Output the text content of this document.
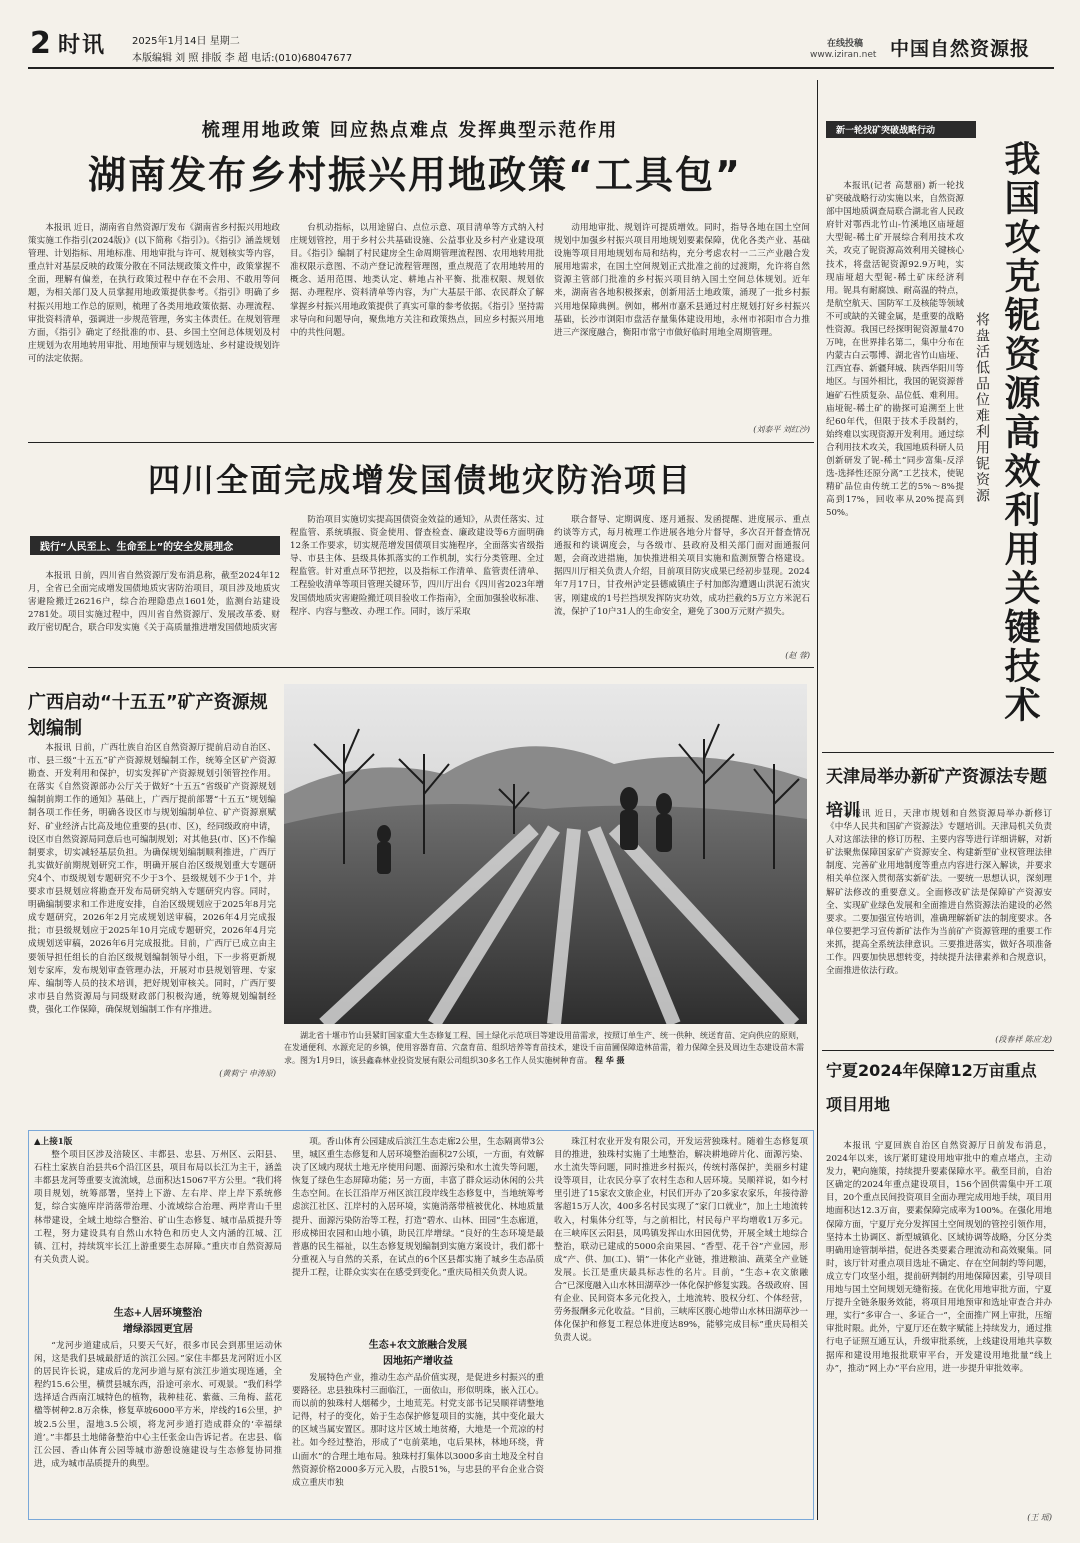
2 时讯	2025年1月14日 星期二
本版编辑 刘 照 排版 李 超 电话:(010)68047677
在线投稿
www.iziran.net 中国自然资源报
梳理用地政策 回应热点难点 发挥典型示范作用
湖南发布乡村振兴用地政策“工具包”

本报讯 近日，湖南省自然资源厅发布《湖南省乡村振兴用地政策实施工作指引(2024版)》(以下简称《指引》)。《指引》涵盖规划管理、计划指标、用地标准、用地审批与许可、规划核实等内容，重点针对基层反映的政策分散在不同法规政策文件中，政策掌握不全面，理解有偏差，在执行政策过程中存在不会用、不敢用等问题，为相关部门及人员掌握用地政策提供参考。《指引》明确了乡村振兴用地工作总的原则，梳理了各类用地政策依据、办理流程、审批资料清单，强调进一步规范管理，务实主体责任。在规划管理方面，《指引》确定了经批准的市、县、乡国土空间总体规划及村庄规划为农用地转用审批、用地预审与规划选址、乡村建设规划许可的法定依据。

台机动指标，以用途留白、点位示意、项目清单等方式纳入村庄规划管控，用于乡村公共基础设施、公益事业及乡村产业建设项目。《指引》编制了村民建房全生命周期管理流程图、农用地转用批准权限示意图、不动产登记流程管理图，重点规范了农用地转用的概念、适用范围、地类认定、耕地占补平衡、批准权限、规划依据、办理程序、资料清单等内容，为广大基层干部、农民群众了解掌握乡村振兴用地政策提供了真实可靠的参考依据。《指引》坚持需求导向和问题导向，聚焦地方关注和政策热点，回应乡村振兴用地中的共性问题。

动用地审批、规划许可提质增效。同时，指导各地在国土空间规划中加强乡村振兴项目用地规划要素保障，优化各类产业、基础设施等项目用地规划布局和结构，充分考虑农村一二三产业融合发展用地需求，在国土空间规划正式批准之前的过渡期，允许将自然资源主管部门批准的乡村振兴项目纳入国土空间总体规划。近年来，湖南省各地积极探索，创新用活土地政策，涌现了一批乡村振兴用地保障典例。例如，郴州市嘉禾县通过村庄规划打好乡村振兴基础，长沙市浏阳市盘活存量集体建设用地，永州市祁阳市合力推进三产深度融合，衡阳市常宁市做好临时用地全周期管理。

(刘泰平 刘红沙)
四川全面完成增发国债地灾防治项目
践行“人民至上、生命至上”的安全发展理念

本报讯 日前，四川省自然资源厅发布消息称，截至2024年12月，全省已全面完成增发国债地质灾害防治项目，项目涉及地质灾害避险搬迁26216户，综合治理隐患点1601处，监测台站建设2781处。项目实施过程中，四川省自然资源厅、发展改革委、财政厅密切配合，联合印发实施《关于高质量推进增发国债地质灾害

防治项目实施切实提高国债资金效益的通知》，从责任落实、过程监管、系统填报、资金使用、督查检查、廉政建设等6方面明确12条工作要求，切实规范增发国债项目实施程序，全面落实省级指导、市县主体、县级具体抓落实的工作机制，实行分类管理、全过程监管。针对重点环节把控，以及指标工作清单、监管责任清单、工程验收清单等项目管理关键环节，四川厅出台《四川省2023年增发国债地质灾害避险搬迁项目验收工作指南》，全面加强验收标准、程序、内容与整改、办理工作。同时，该厅采取

联合督导、定期调度、逐月通报、发函提醒、进度展示、重点约谈等方式，每月梳理工作进展各地分片督导，多次召开督查情况通报和约谈调度会，与各级市、县政府及相关部门面对面通报问题，会商改进措施，加快推进相关项目实施和监测预警合格建设。据四川厅相关负责人介绍，目前项目防灾成果已经初步显现。2024年7月17日，甘孜州泸定县德威镇庄子村加郎沟遭遇山洪泥石流灾害，刚建成的1号拦挡坝发挥防灾功效，成功拦截约5万立方米泥石流，保护了10户31人的生命安全，避免了300万元财产损失。

(赵 蓉)
广西启动“十五五”矿产资源规划编制

本报讯 日前，广西壮族自治区自然资源厅提前启动自治区、市、县三级“十五五”矿产资源规划编制工作，统筹全区矿产资源勘查、开发利用和保护，切实发挥矿产资源规划引领管控作用。在落实《自然资源部办公厅关于做好“十五五”省级矿产资源规划编制前期工作的通知》基础上，广西厅提前部署“十五五”规划编制各项工作任务，明确各设区市与规划编制单位、矿产资源禀赋好、矿业经济占比高及地位重要的县(市、区)，经同级政府申请，设区市自然资源局同意后也可编制规划；对其他县(市、区)不作编制要求，切实减轻基层负担。为确保规划编制顺利推进，广西厅扎实做好前期规划研究工作，明确开展自治区级规划重大专题研究4个、市级规划专题研究不少于3个、县级规划不少于1个，并要求市县规划应将勘查开发布局研究纳入专题研究内容。同时，明确编制要求和工作进度安排，自治区级规划应于2025年8月完成专题研究，2026年2月完成规划送审稿，2026年4月完成报批；市县级规划应于2025年10月完成专题研究，2026年4月完成规划送审稿，2026年6月完成报批。目前，广西厅已成立由主要领导担任组长的自治区级规划编制领导小组，下一步将更新规划专家库，发布规划审查管理办法，开展对市县规划管理、专家库、编制等人员的技术培训，把好规划审核关。同时，广西厅要求市县自然资源局与同级财政部门积极沟通，统筹规划编制经费，强化工作保障，确保规划编制工作有序推进。

(黄莉宁 申涛原)
湖北省十堰市竹山县紧盯国家重大生态修复工程、国土绿化示范项目等建设用苗需求，按照订单生产、统一供种、统送育苗、定向供应的原则，在发通便利、水源充足的乡镇，使用容器育苗、穴盘育苗、组织培养等育苗技术，建设千亩苗圃保障造林苗需，着力保障全县及周边生态建设苗木需求。图为1月9日，该县鑫森林业投资发展有限公司组织30多名工作人员实施树种育苗。 程 华 摄
▲上接1版

整个项目区涉及涪陵区、丰都县、忠县、万州区、云阳县、石柱土家族自治县共6个沿江区县，项目布局以长江为主干，涵盖丰都县龙河等重要支流流域，总面积达15067平方公里。“我们将项目规划，统筹部署，坚持上下游、左右岸、岸上岸下系统修复，综合实施库岸消落带治理、小流域综合治理、两岸青山千里林带建设，全域土地综合整治、矿山生态修复、城市品质提升等工程，努力建设具有自然山水特色和历史人文内涵的江城、江镇、江村，持续筑牢长江上游重要生态屏障。”重庆市自然资源局有关负责人说。

生态+人居环境整治
增绿添园更宜居

“龙河步道建成后，只要天气好，很多市民会到那里运动休闲，这是我们县城最舒适的滨江公园。”家住丰都县龙河附近小区的居民许长说，建成后的龙河步道与原有滨江步道实现连通，全程约15.6公里，横贯县城东西，沿途可亲水、可观景。“我们科学选择适合西南江城特色的植物，栽种桂花、紫薇、三角梅、蓝花楹等树种2.8万余株，修复草坡6000平方米，岸线约16公里，护坡2.5公里，湿地3.5公顷，将龙河步道打造成群众的‘幸福绿道’。”丰都县土地储备整治中心主任张金山告诉记者。在忠县、临江公园、香山体育公园等城市游憩设施建设与生态修复协同推进，成为城市品质提升的典型。

项。香山体育公园建成后滨江生态走廊2公里，生态隔离带3公里，城区重生态修复和人居环境整治面积27公顷，一方面，有效解决了区域内现状土地无序使用问题、面源污染和水土流失等问题，恢复了绿色生态屏障功能；另一方面，丰富了群众运动休闲的公共生态空间。在长江沿岸万州区滨江段岸线生态修复中，当地统筹考虑滨江社区、江岸村的入居环境，实施消落带植被优化、林地质量提升、面源污染防治等工程，打造“碧水、山林、田园”生态廊道，形成梯田农园和山地小镇，助民江岸增绿。“良好的生态环境是最普惠的民生福祉，以生态修复规划编制到实施方案设计，我们都十分重视入与自然的关系，在试点的6个区县都实施了城乡生态品质提升工程，让群众实实在在感受到变化。”重庆局相关负责人说。

生态+农文旅融合发展
因地拓产增收益

发展特色产业，推动生态产品价值实现，是促进乡村振兴的重要路径。忠县独珠村三面临江，一面依山，形似明珠，嵌入江心。而以前的独珠村人烟稀少，土地荒芜。村党支部书记吴顺祥请整地记得，村子的变化，始于生态保护修复项目的实施，其中变化最大的区域当属安置区。那时这片区域土地贫瘠，大地是一个荒凉的村社。如今经过整治，形成了“屯前菜地，屯后果林，林地环绕，背山面水”的合理土地布局。独珠村打集体以3000多亩土地及全村自然资源价格2000多万元入股，占股51%，与忠县的平台企业合资成立重庆市独

珠江村农业开发有限公司，开发运营独珠村。随着生态修复项目的推进，独珠村实施了土地整治，解决耕地碎片化、面源污染、水土流失等问题，同时推进乡村振兴，传统村落保护，美丽乡村建设等项目，让农民分享了农村生态和人居环境。吴顺祥说，如今村里引进了15家农文旅企业，村民们开办了20多家农家乐，年接待游客超15万人次，400多名村民实现了“家门口就业”，加上土地流转收入，村集体分红等，与之前相比，村民每户平均增收1万多元。在三峡库区云阳县，凤鸣镇发挥山水田园优势，开展全域土地综合整治，联动已建成的5000余亩果园、“香型、花千谷”产业园，形成“产、供、加(工)、销”一体化产业链，推进粮油、蔬菜全产业链发展。长江是重庆最具标志性的名片。目前，“生态+农文旅融合”已深度融入山水林田湖草沙一体化保护修复实践。各级政府、国有企业、民间资本多元化投入，土地流转、股权分红、个体经营，劳务报酬多元化收益。“目前，三峡库区腹心地带山水林田湖草沙一体化保护和修复工程总体进度达89%，能够完成目标”重庆局相关负责人说。

新一轮找矿突破战略行动
我国攻克铌资源高效利用关键技术
将盘活低品位难利用铌资源

本报讯(记者 高慧丽) 新一轮找矿突破战略行动实施以来，自然资源部中国地质调查局联合湖北省人民政府针对鄂西北竹山-竹溪地区庙垭超大型铌-稀土矿开展综合利用技术攻关，攻克了铌资源高效利用关键核心技术，将盘活铌资源92.9万吨，实现庙垭超大型铌-稀土矿床经济利用。铌具有耐腐蚀、耐高温的特点，是航空航天、国防军工及核能等领域不可或缺的关键金属，是重要的战略性资源。我国已经探明铌资源量470万吨，在世界排名第二，集中分布在内蒙古白云鄂博、湖北省竹山庙垭、江西宜春、新疆拜城、陕西华阳川等地区。与国外相比，我国的铌资源普遍矿石性质复杂、品位低、难利用。庙垭铌-稀土矿的勘探可追溯至上世纪60年代，但限于技术手段制约，始终难以实现资源开发利用。通过综合利用技术攻关，我国地质科研人员创新研发了铌-稀土“同步富集-反浮选-选择性还原分离”工艺技术，使铌精矿品位由传统工艺的5%～8%提高到17%，回收率从20%提高到50%。

天津局举办新矿产资源法专题培训

本报讯 近日，天津市规划和自然资源局举办新修订《中华人民共和国矿产资源法》专题培训。天津局机关负责人对这部法律的修订历程、主要内容等进行详细讲解，对新矿法聚焦保障国家矿产资源安全、构建新型矿业权管理法律制度、完善矿业用地制度等重点内容进行深入解读，并要求相关单位深入贯彻落实新矿法。一要统一思想认识，深刻理解矿法修改的重要意义。全面修改矿法是保障矿产资源安全、实现矿业绿色发展和全面推进自然资源法治建设的必然要求。二要加强宣传培训，准确理解新矿法的制度要求。各单位要把学习宣传新矿法作为当前矿产资源管理的重要工作来抓，提高全系统法律意识。三要推进落实，做好各项准备工作。四要加快思想转变，持续提升法律素养和合规意识，全面推进依法行政。

(段春祥 陈应龙)
宁夏2024年保障12万亩重点项目用地

本报讯 宁夏回族自治区自然资源厅日前发布消息，2024年以来，该厅紧盯建设用地审批中的难点堵点，主动发力，靶向施策，持续提升要素保障水平。截至目前，自治区确定的2024年重点建设项目，156个固供需集中开工项目，20个重点民间投资项目全面办理完成用地手续，项目用地面积达12.3万亩，要素保障完成率为100%。在强化用地保障方面，宁夏厅充分发挥国土空间规划的管控引领作用，坚持本土协调区、新型城镇化、区域协调等战略，分区分类明确用途管制举措，促进各类要素合理流动和高效聚集。同时，该厅针对重点项目选址不确定、存在空间制约等问题，成立专门攻坚小组，提前研判制约用地保障因素，引导项目用地与国土空间规划无缝衔接。在优化用地审批方面，宁夏厅提升全链条服务效能，将项目用地预审和选址审查合并办理，实行“多审合一、多证合一”，全面推广网上审批，压缩审批时限。此外，宁夏厅还在数字赋能上持续发力，通过推行电子证照互通互认，升级审批系统，上线建设用地共享数据库和建设用地报批联审平台，开发建设用地批量“线上办”，推动“网上办”平台应用，进一步提升审批效率。

(王 瑶)
